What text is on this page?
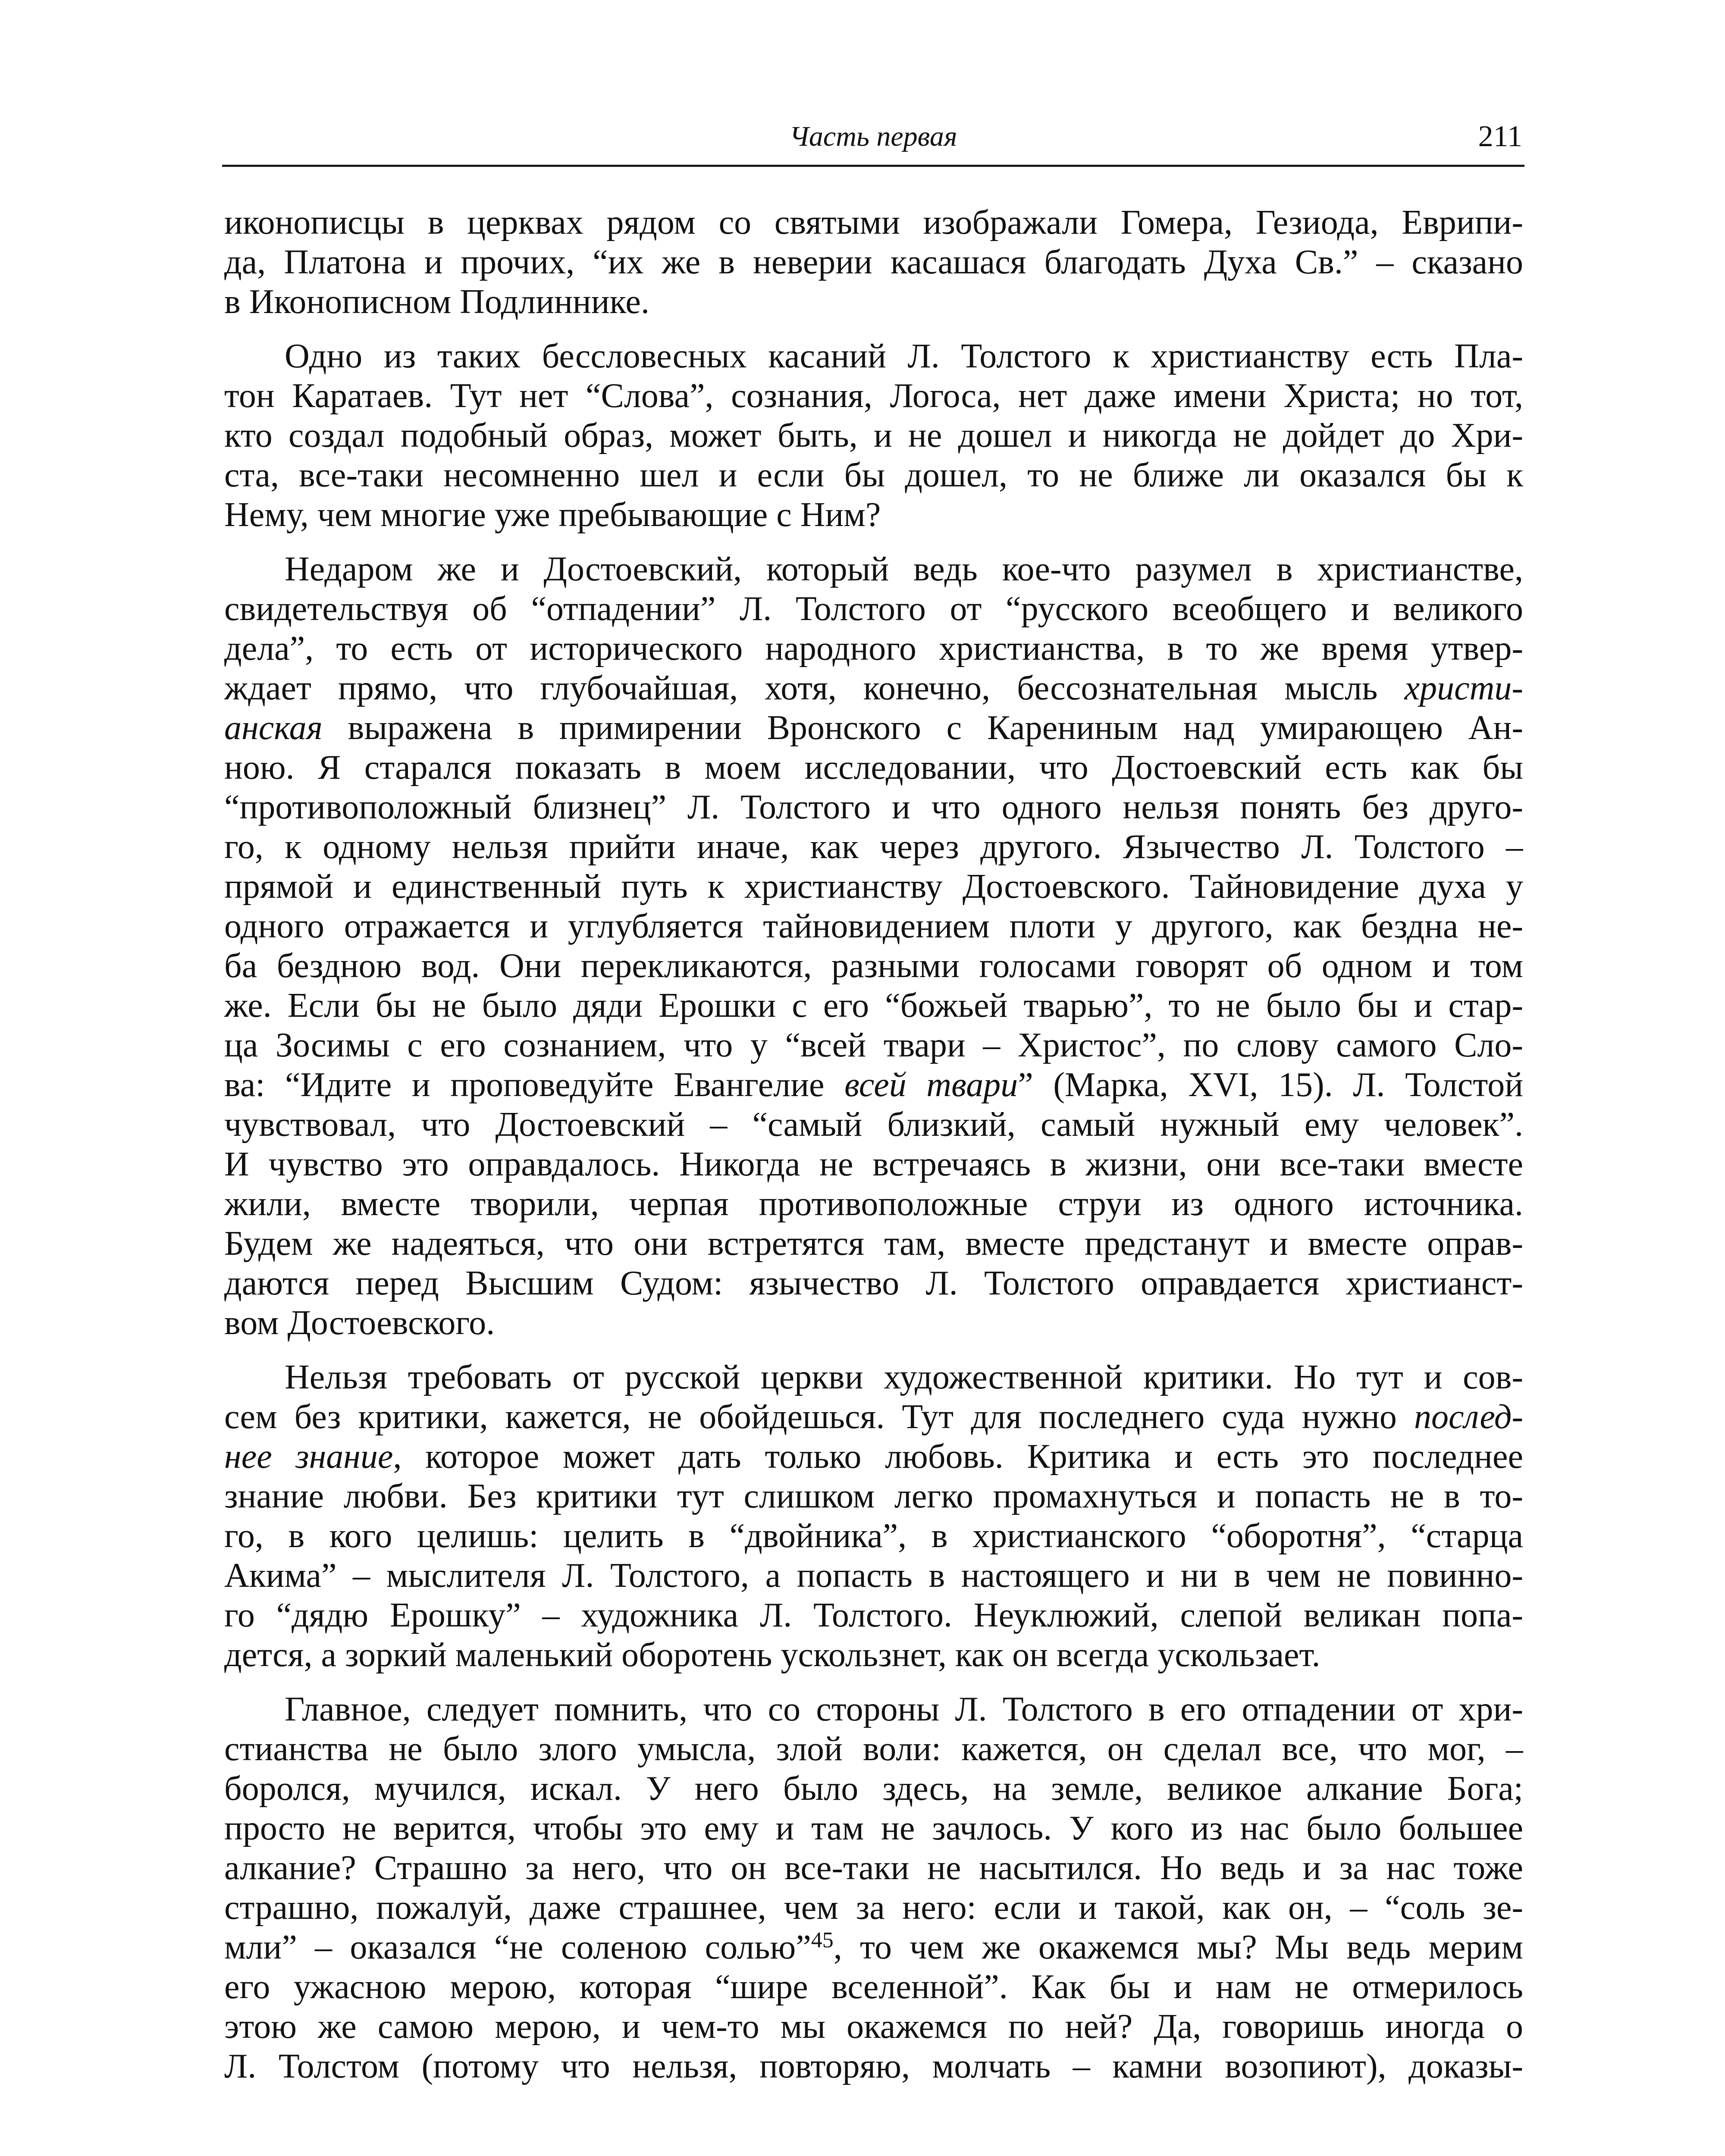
Часть первая	211

иконописцы в церквах рядом со святыми изображали Гомера, Гезиода, Еврипи-
да, Платона и прочих, “их же в неверии касашася благодать Духа Св.” – сказано
в Иконописном Подлиннике.

Одно из таких бессловесных касаний Л. Толстого к христианству есть Пла-
тон Каратаев. Тут нет “Слова”, сознания, Логоса, нет даже имени Христа; но тот,
кто создал подобный образ, может быть, и не дошел и никогда не дойдет до Хри-
ста, все-таки несомненно шел и если бы дошел, то не ближе ли оказался бы к
Нему, чем многие уже пребывающие с Ним?

Недаром же и Достоевский, который ведь кое-что разумел в христианстве,
свидетельствуя об “отпадении” Л. Толстого от “русского всеобщего и великого
дела”, то есть от исторического народного христианства, в то же время утвер-
ждает прямо, что глубочайшая, хотя, конечно, бессознательная мысль христи-
анская выражена в примирении Вронского с Карениным над умирающею Ан-
ною. Я старался показать в моем исследовании, что Достоевский есть как бы
“противоположный близнец” Л. Толстого и что одного нельзя понять без друго-
го, к одному нельзя прийти иначе, как через другого. Язычество Л. Толстого –
прямой и единственный путь к христианству Достоевского. Тайновидение духа у
одного отражается и углубляется тайновидением плоти у другого, как бездна не-
ба бездною вод. Они перекликаются, разными голосами говорят об одном и том
же. Если бы не было дяди Ерошки с его “божьей тварью”, то не было бы и стар-
ца Зосимы с его сознанием, что у “всей твари – Христос”, по слову самого Сло-
ва: “Идите и проповедуйте Евангелие всей твари” (Марка, XVI, 15). Л. Толстой
чувствовал, что Достоевский – “самый близкий, самый нужный ему человек”.
И чувство это оправдалось. Никогда не встречаясь в жизни, они все-таки вместе
жили, вместе творили, черпая противоположные струи из одного источника.
Будем же надеяться, что они встретятся там, вместе предстанут и вместе оправ-
даются перед Высшим Судом: язычество Л. Толстого оправдается христианст-
вом Достоевского.

Нельзя требовать от русской церкви художественной критики. Но тут и сов-
сем без критики, кажется, не обойдешься. Тут для последнего суда нужно послед-
нее знание, которое может дать только любовь. Критика и есть это последнее
знание любви. Без критики тут слишком легко промахнуться и попасть не в то-
го, в кого целишь: целить в “двойника”, в христианского “оборотня”, “старца
Акима” – мыслителя Л. Толстого, а попасть в настоящего и ни в чем не повинно-
го “дядю Ерошку” – художника Л. Толстого. Неуклюжий, слепой великан попа-
дется, а зоркий маленький оборотень ускользнет, как он всегда ускользает.

Главное, следует помнить, что со стороны Л. Толстого в его отпадении от хри-
стианства не было злого умысла, злой воли: кажется, он сделал все, что мог, –
боролся, мучился, искал. У него было здесь, на земле, великое алкание Бога;
просто не верится, чтобы это ему и там не зачлось. У кого из нас было большее
алкание? Страшно за него, что он все-таки не насытился. Но ведь и за нас тоже
страшно, пожалуй, даже страшнее, чем за него: если и такой, как он, – “соль зе-
мли” – оказался “не соленою солью”$^{45}$, то чем же окажемся мы? Мы ведь мерим
его ужасною мерою, которая “шире вселенной”. Как бы и нам не отмерилось
этою же самою мерою, и чем-то мы окажемся по ней? Да, говоришь иногда о
Л. Толстом (потому что нельзя, повторяю, молчать – камни возопиют), доказы-
